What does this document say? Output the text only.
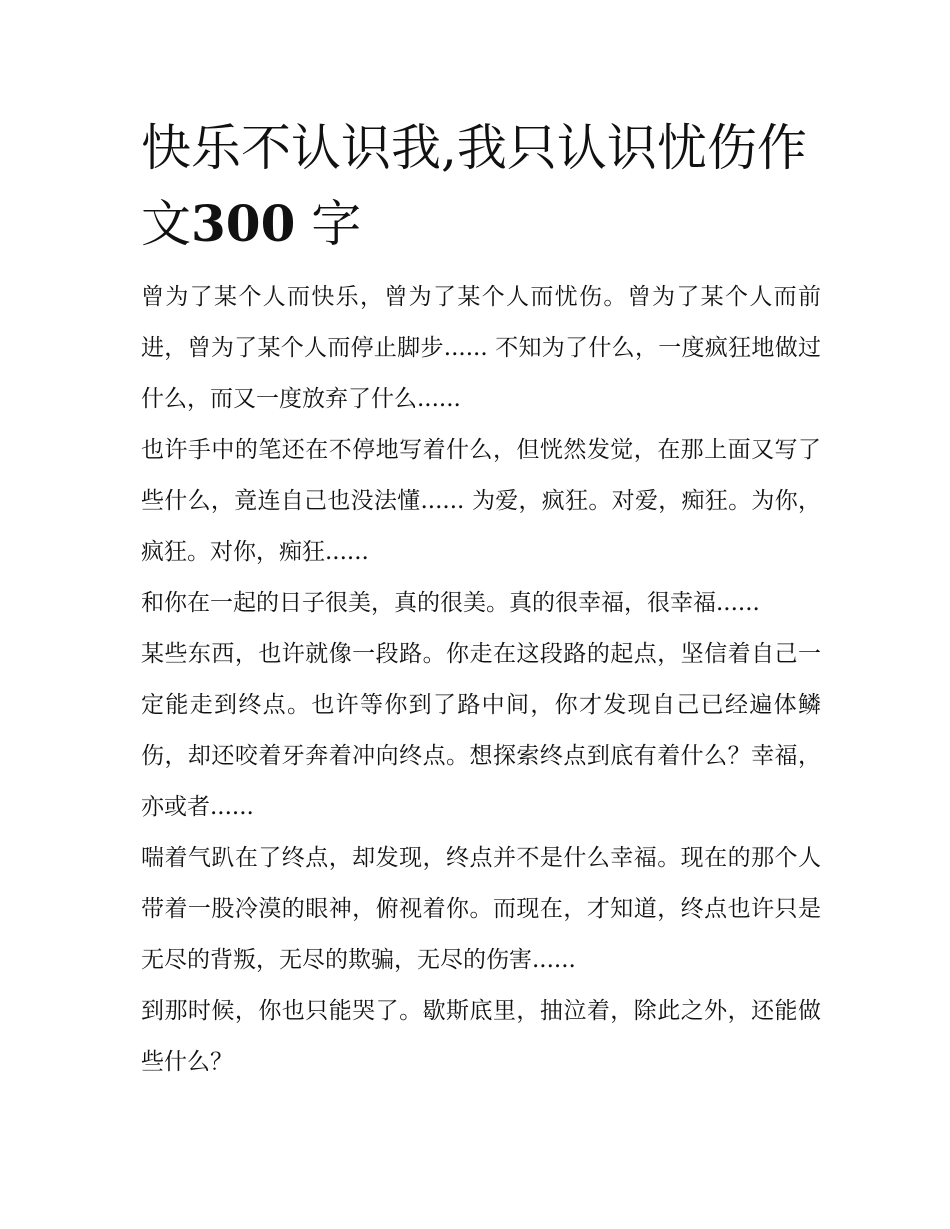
快乐不认识我,我只认识忧伤作文300 字

曾为了某个人而快乐，曾为了某个人而忧伤。曾为了某个人而前进，曾为了某个人而停止脚步...... 不知为了什么，一度疯狂地做过什么，而又一度放弃了什么......

也许手中的笔还在不停地写着什么，但恍然发觉，在那上面又写了些什么，竟连自己也没法懂...... 为爱，疯狂。对爱，痴狂。为你，疯狂。对你，痴狂......

和你在一起的日子很美，真的很美。真的很幸福，很幸福......

某些东西，也许就像一段路。你走在这段路的起点，坚信着自己一定能走到终点。也许等你到了路中间，你才发现自己已经遍体鳞伤，却还咬着牙奔着冲向终点。想探索终点到底有着什么？幸福，亦或者......

喘着气趴在了终点，却发现，终点并不是什么幸福。现在的那个人带着一股冷漠的眼神，俯视着你。而现在，才知道，终点也许只是无尽的背叛，无尽的欺骗，无尽的伤害......

到那时候，你也只能哭了。歇斯底里，抽泣着，除此之外，还能做些什么？
